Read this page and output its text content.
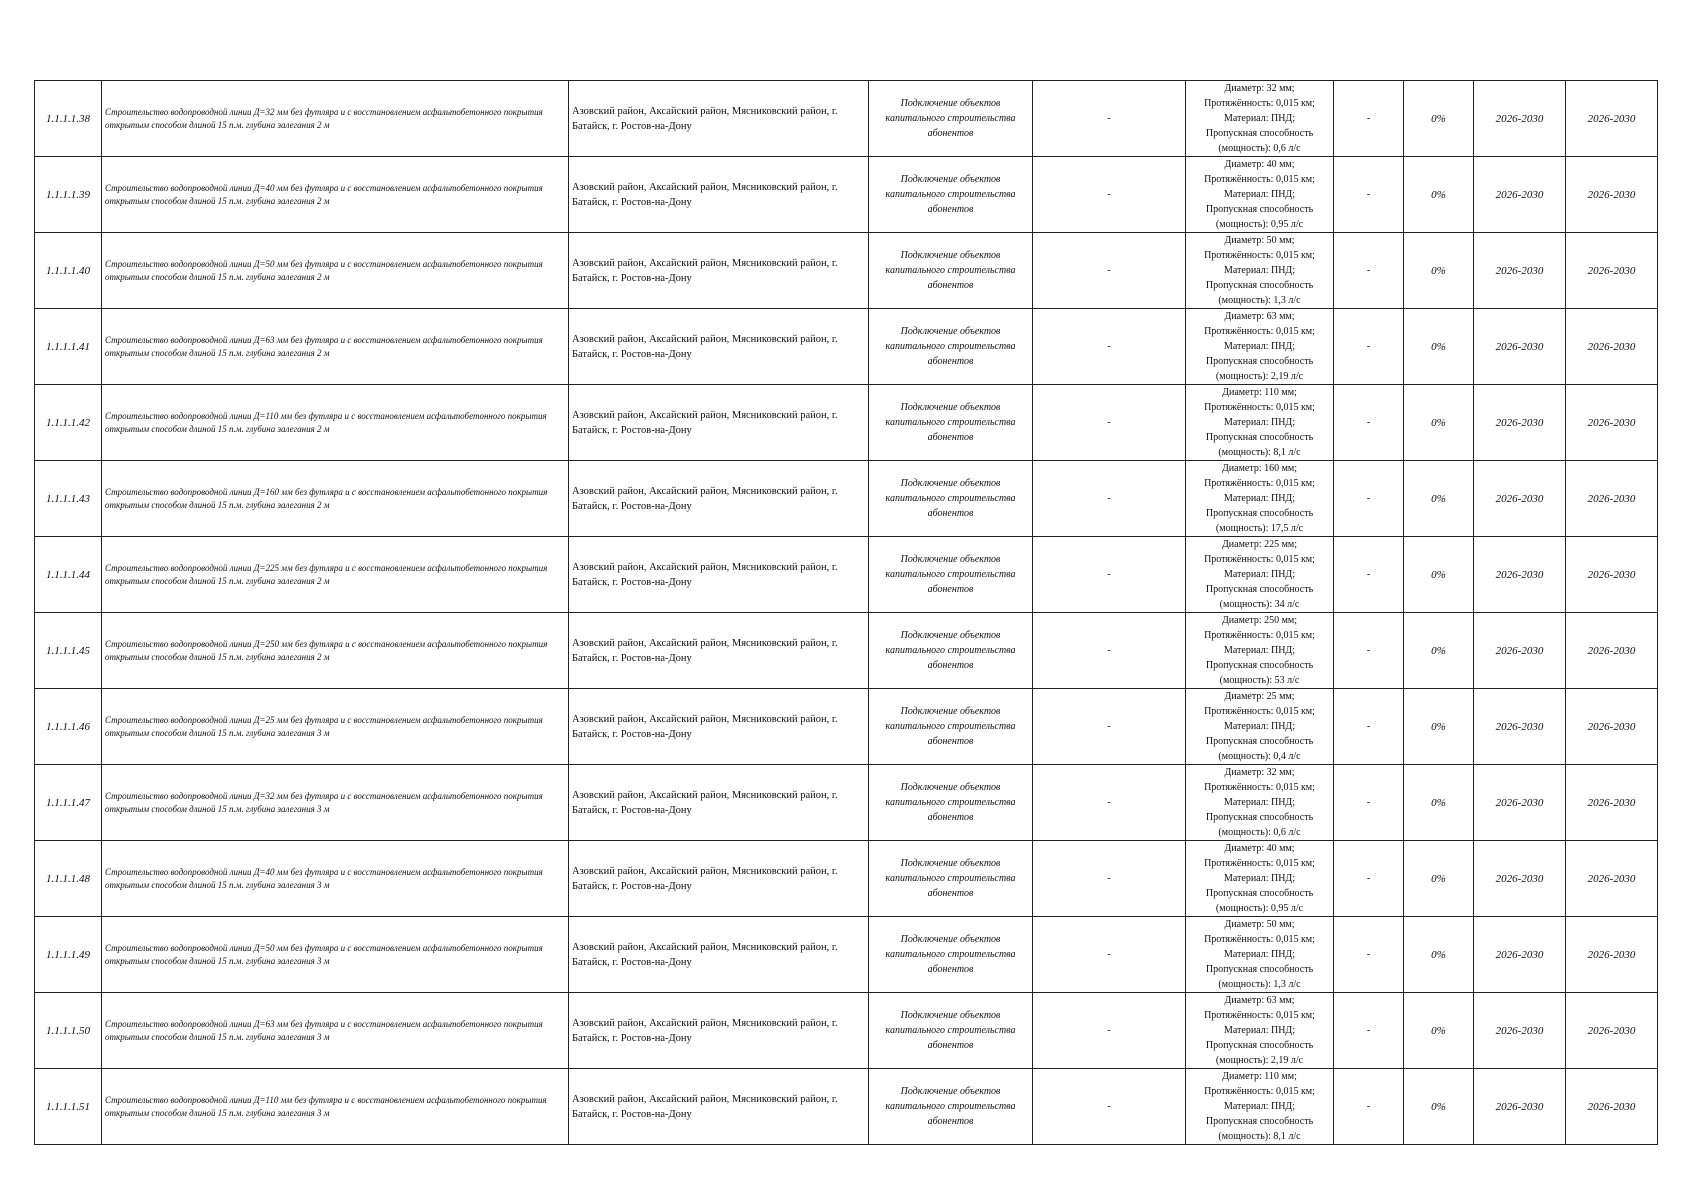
1.1.1.1.38	Строительство водопроводной линии Д=32 мм без футляра и с восстановлением асфальтобетонного покрытия открытым способом длиной 15 п.м. глубина залегания 2 м	Азовский район, Аксайский район, Мясниковский район, г. Батайск, г. Ростов-на-Дону	Подключение объектов капитального строительства абонентов	-	Диаметр: 32 мм;
Протяжённость: 0,015 км;
Материал: ПНД;
Пропускная способность
(мощность): 0,6 л/с	-	0%	2026-2030	2026-2030
1.1.1.1.39	Строительство водопроводной линии Д=40 мм без футляра и с восстановлением асфальтобетонного покрытия открытым способом длиной 15 п.м. глубина залегания 2 м	Азовский район, Аксайский район, Мясниковский район, г. Батайск, г. Ростов-на-Дону	Подключение объектов капитального строительства абонентов	-	Диаметр: 40 мм;
Протяжённость: 0,015 км;
Материал: ПНД;
Пропускная способность
(мощность): 0,95 л/с	-	0%	2026-2030	2026-2030
1.1.1.1.40	Строительство водопроводной линии Д=50 мм без футляра и с восстановлением асфальтобетонного покрытия открытым способом длиной 15 п.м. глубина залегания 2 м	Азовский район, Аксайский район, Мясниковский район, г. Батайск, г. Ростов-на-Дону	Подключение объектов капитального строительства абонентов	-	Диаметр: 50 мм;
Протяжённость: 0,015 км;
Материал: ПНД;
Пропускная способность
(мощность): 1,3 л/с	-	0%	2026-2030	2026-2030
1.1.1.1.41	Строительство водопроводной линии Д=63 мм без футляра и с восстановлением асфальтобетонного покрытия открытым способом длиной 15 п.м. глубина залегания 2 м	Азовский район, Аксайский район, Мясниковский район, г. Батайск, г. Ростов-на-Дону	Подключение объектов капитального строительства абонентов	-	Диаметр: 63 мм;
Протяжённость: 0,015 км;
Материал: ПНД;
Пропускная способность
(мощность): 2,19 л/с	-	0%	2026-2030	2026-2030
1.1.1.1.42	Строительство водопроводной линии Д=110 мм без футляра и с восстановлением асфальтобетонного покрытия открытым способом длиной 15 п.м. глубина залегания 2 м	Азовский район, Аксайский район, Мясниковский район, г. Батайск, г. Ростов-на-Дону	Подключение объектов капитального строительства абонентов	-	Диаметр: 110 мм;
Протяжённость: 0,015 км;
Материал: ПНД;
Пропускная способность
(мощность): 8,1 л/с	-	0%	2026-2030	2026-2030
1.1.1.1.43	Строительство водопроводной линии Д=160 мм без футляра и с восстановлением асфальтобетонного покрытия открытым способом длиной 15 п.м. глубина залегания 2 м	Азовский район, Аксайский район, Мясниковский район, г. Батайск, г. Ростов-на-Дону	Подключение объектов капитального строительства абонентов	-	Диаметр: 160 мм;
Протяжённость: 0,015 км;
Материал: ПНД;
Пропускная способность
(мощность): 17,5 л/с	-	0%	2026-2030	2026-2030
1.1.1.1.44	Строительство водопроводной линии Д=225 мм без футляра и с восстановлением асфальтобетонного покрытия открытым способом длиной 15 п.м. глубина залегания 2 м	Азовский район, Аксайский район, Мясниковский район, г. Батайск, г. Ростов-на-Дону	Подключение объектов капитального строительства абонентов	-	Диаметр: 225 мм;
Протяжённость: 0,015 км;
Материал: ПНД;
Пропускная способность
(мощность): 34 л/с	-	0%	2026-2030	2026-2030
1.1.1.1.45	Строительство водопроводной линии Д=250 мм без футляра и с восстановлением асфальтобетонного покрытия открытым способом длиной 15 п.м. глубина залегания 2 м	Азовский район, Аксайский район, Мясниковский район, г. Батайск, г. Ростов-на-Дону	Подключение объектов капитального строительства абонентов	-	Диаметр: 250 мм;
Протяжённость: 0,015 км;
Материал: ПНД;
Пропускная способность
(мощность): 53 л/с	-	0%	2026-2030	2026-2030
1.1.1.1.46	Строительство водопроводной линии Д=25 мм без футляра и с восстановлением асфальтобетонного покрытия открытым способом длиной 15 п.м. глубина залегания 3 м	Азовский район, Аксайский район, Мясниковский район, г. Батайск, г. Ростов-на-Дону	Подключение объектов капитального строительства абонентов	-	Диаметр: 25 мм;
Протяжённость: 0,015 км;
Материал: ПНД;
Пропускная способность
(мощность): 0,4 л/с	-	0%	2026-2030	2026-2030
1.1.1.1.47	Строительство водопроводной линии Д=32 мм без футляра и с восстановлением асфальтобетонного покрытия открытым способом длиной 15 п.м. глубина залегания 3 м	Азовский район, Аксайский район, Мясниковский район, г. Батайск, г. Ростов-на-Дону	Подключение объектов капитального строительства абонентов	-	Диаметр: 32 мм;
Протяжённость: 0,015 км;
Материал: ПНД;
Пропускная способность
(мощность): 0,6 л/с	-	0%	2026-2030	2026-2030
1.1.1.1.48	Строительство водопроводной линии Д=40 мм без футляра и с восстановлением асфальтобетонного покрытия открытым способом длиной 15 п.м. глубина залегания 3 м	Азовский район, Аксайский район, Мясниковский район, г. Батайск, г. Ростов-на-Дону	Подключение объектов капитального строительства абонентов	-	Диаметр: 40 мм;
Протяжённость: 0,015 км;
Материал: ПНД;
Пропускная способность
(мощность): 0,95 л/с	-	0%	2026-2030	2026-2030
1.1.1.1.49	Строительство водопроводной линии Д=50 мм без футляра и с восстановлением асфальтобетонного покрытия открытым способом длиной 15 п.м. глубина залегания 3 м	Азовский район, Аксайский район, Мясниковский район, г. Батайск, г. Ростов-на-Дону	Подключение объектов капитального строительства абонентов	-	Диаметр: 50 мм;
Протяжённость: 0,015 км;
Материал: ПНД;
Пропускная способность
(мощность): 1,3 л/с	-	0%	2026-2030	2026-2030
1.1.1.1.50	Строительство водопроводной линии Д=63 мм без футляра и с восстановлением асфальтобетонного покрытия открытым способом длиной 15 п.м. глубина залегания 3 м	Азовский район, Аксайский район, Мясниковский район, г. Батайск, г. Ростов-на-Дону	Подключение объектов капитального строительства абонентов	-	Диаметр: 63 мм;
Протяжённость: 0,015 км;
Материал: ПНД;
Пропускная способность
(мощность): 2,19 л/с	-	0%	2026-2030	2026-2030
1.1.1.1.51	Строительство водопроводной линии Д=110 мм без футляра и с восстановлением асфальтобетонного покрытия открытым способом длиной 15 п.м. глубина залегания 3 м	Азовский район, Аксайский район, Мясниковский район, г. Батайск, г. Ростов-на-Дону	Подключение объектов капитального строительства абонентов	-	Диаметр: 110 мм;
Протяжённость: 0,015 км;
Материал: ПНД;
Пропускная способность
(мощность): 8,1 л/с	-	0%	2026-2030	2026-2030
